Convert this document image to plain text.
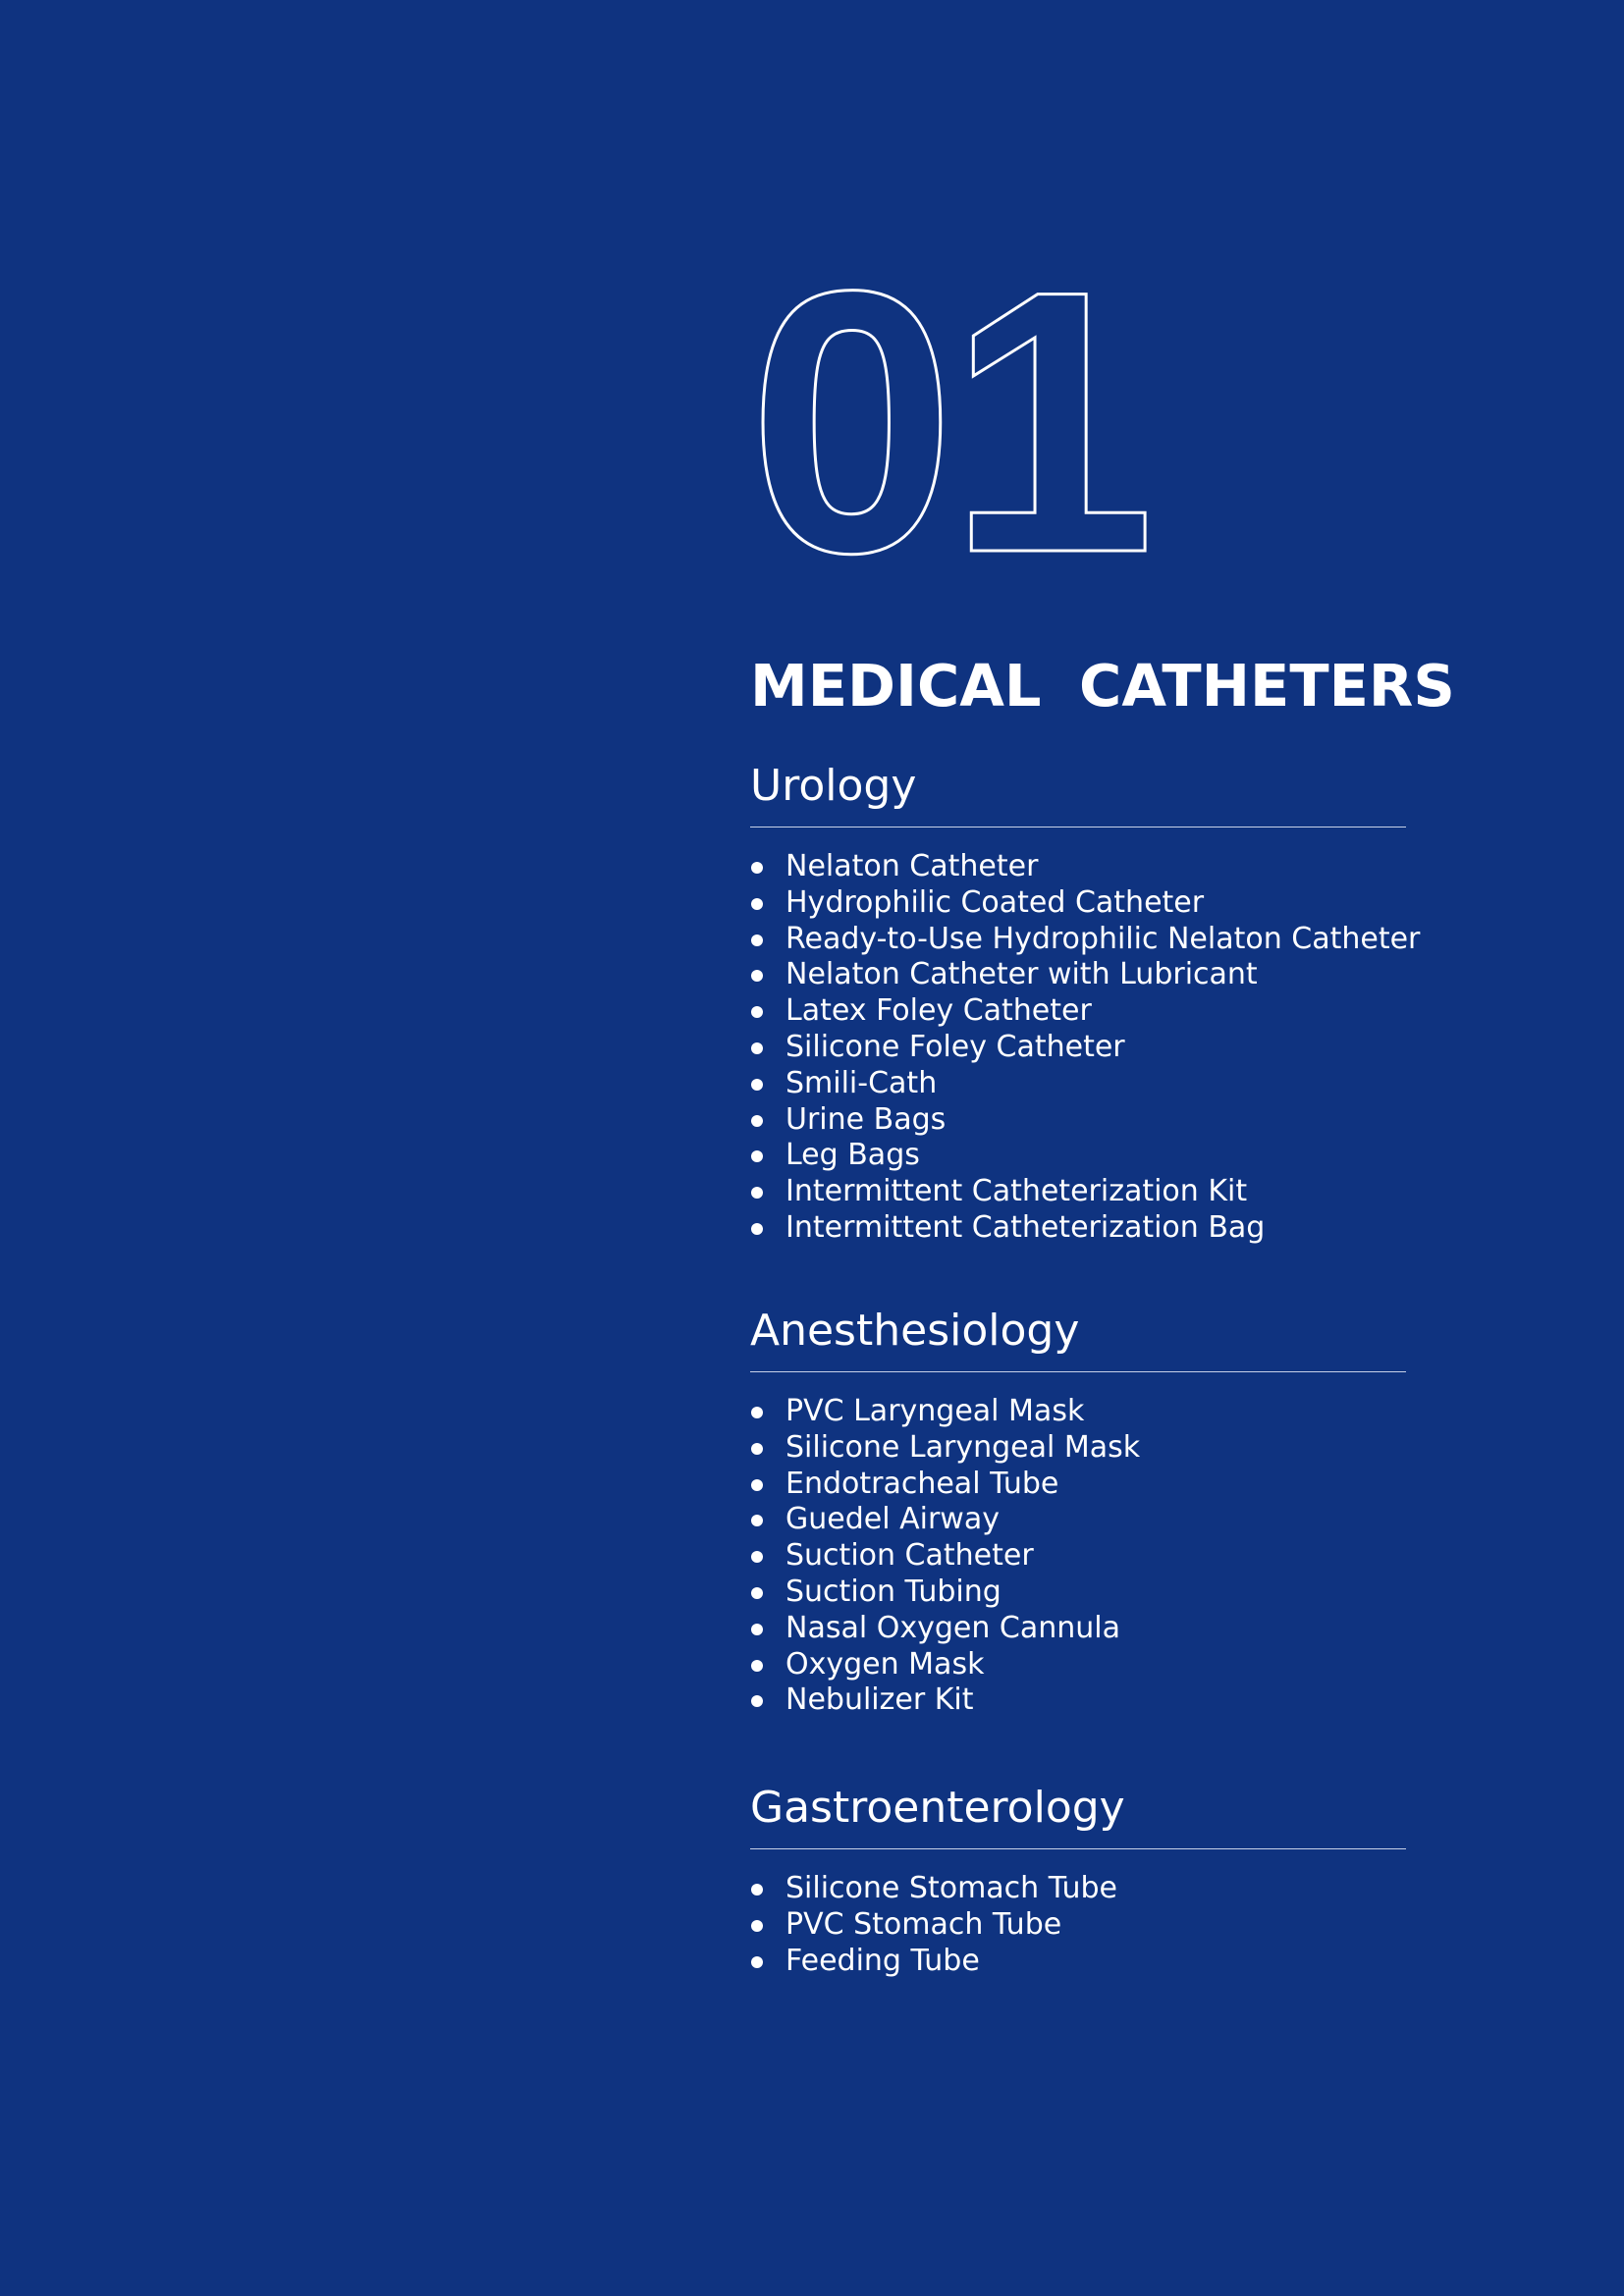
01
MEDICAL CATHETERS
Urology
Nelaton Catheter
Hydrophilic Coated Catheter
Ready-to-Use Hydrophilic Nelaton Catheter
Nelaton Catheter with Lubricant
Latex Foley Catheter
Silicone Foley Catheter
Smili-Cath
Urine Bags
Leg Bags
Intermittent Catheterization Kit
Intermittent Catheterization Bag
Anesthesiology
PVC Laryngeal Mask
Silicone Laryngeal Mask
Endotracheal Tube
Guedel Airway
Suction Catheter
Suction Tubing
Nasal Oxygen Cannula
Oxygen Mask
Nebulizer Kit
Gastroenterology
Silicone Stomach Tube
PVC Stomach Tube
Feeding Tube
